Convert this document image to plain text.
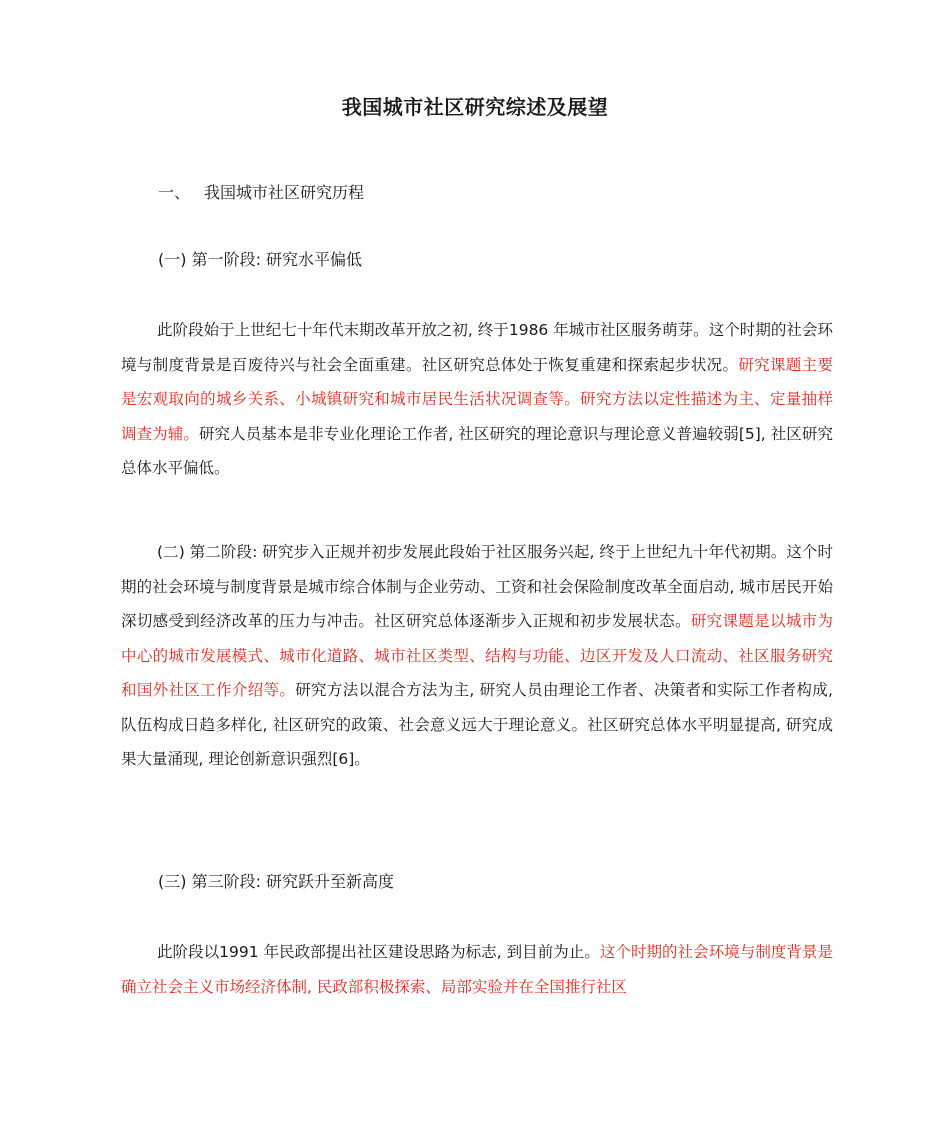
我国城市社区研究综述及展望
一、 我国城市社区研究历程
(一) 第一阶段: 研究水平偏低
此阶段始于上世纪七十年代末期改革开放之初, 终于1986 年城市社区服务萌芽。这个时期的社会环境与制度背景是百废待兴与社会全面重建。社区研究总体处于恢复重建和探索起步状况。研究课题主要是宏观取向的城乡关系、小城镇研究和城市居民生活状况调查等。研究方法以定性描述为主、定量抽样调查为辅。研究人员基本是非专业化理论工作者, 社区研究的理论意识与理论意义普遍较弱[5], 社区研究总体水平偏低。
(二) 第二阶段: 研究步入正规并初步发展此段始于社区服务兴起, 终于上世纪九十年代初期。这个时期的社会环境与制度背景是城市综合体制与企业劳动、工资和社会保险制度改革全面启动, 城市居民开始深切感受到经济改革的压力与冲击。社区研究总体逐渐步入正规和初步发展状态。研究课题是以城市为中心的城市发展模式、城市化道路、城市社区类型、结构与功能、边区开发及人口流动、社区服务研究和国外社区工作介绍等。研究方法以混合方法为主, 研究人员由理论工作者、决策者和实际工作者构成, 队伍构成日趋多样化, 社区研究的政策、社会意义远大于理论意义。社区研究总体水平明显提高, 研究成果大量涌现, 理论创新意识强烈[6]。
(三) 第三阶段: 研究跃升至新高度
此阶段以1991 年民政部提出社区建设思路为标志, 到目前为止。这个时期的社会环境与制度背景是确立社会主义市场经济体制, 民政部积极探索、局部实验并在全国推行社区
